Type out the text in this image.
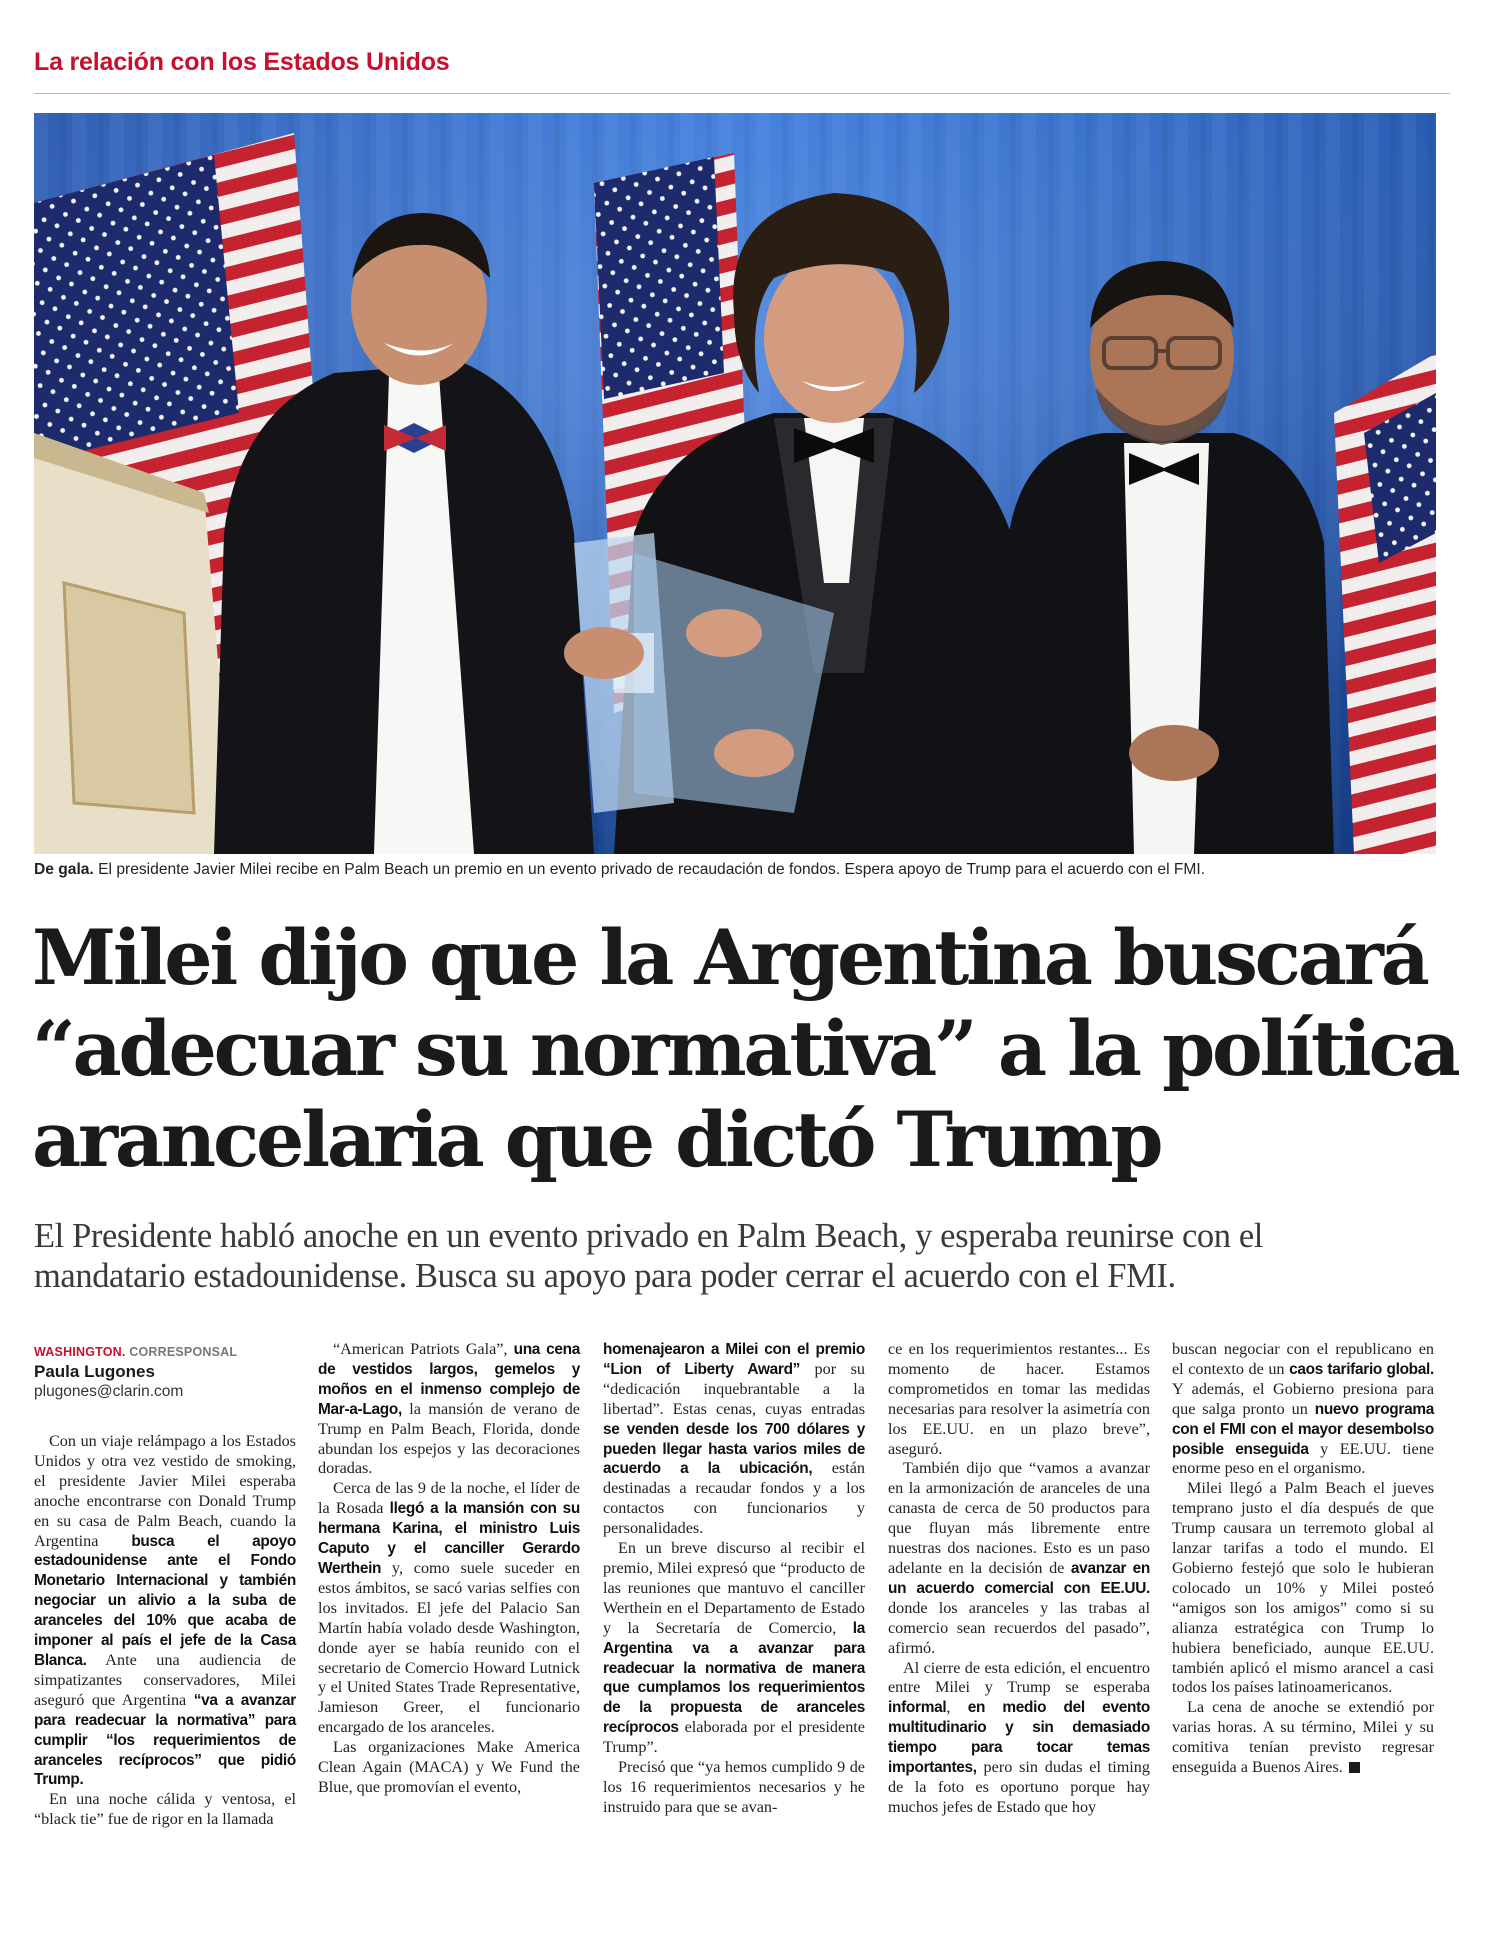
La relación con los Estados Unidos
De gala. El presidente Javier Milei recibe en Palm Beach un premio en un evento privado de recaudación de fondos. Espera apoyo de Trump para el acuerdo con el FMI.
Milei dijo que la Argentina buscará
“adecuar su normativa” a la política
arancelaria que dictó Trump

El Presidente habló anoche en un evento privado en Palm Beach, y esperaba reunirse con el
mandatario estadounidense. Busca su apoyo para poder cerrar el acuerdo con el FMI.

WASHINGTON. CORRESPONSAL
Paula Lugones
plugones@clarin.com

Con un viaje relámpago a los Estados Unidos y otra vez vestido de smoking, el presidente Javier Milei esperaba anoche encontrarse con Donald Trump en su casa de Palm Beach, cuando la Argentina busca el apoyo estadounidense ante el Fondo Monetario Internacional y también negociar un alivio a la suba de aranceles del 10% que acaba de imponer al país el jefe de la Casa Blanca. Ante una audiencia de simpatizantes conservadores, Milei aseguró que Argentina “va a avanzar para readecuar la normativa” para cumplir “los requerimientos de aranceles recíprocos” que pidió Trump.

En una noche cálida y ventosa, el “black tie” fue de rigor en la llamada

“American Patriots Gala”, una cena de vestidos largos, gemelos y moños en el inmenso complejo de Mar-a-Lago, la mansión de verano de Trump en Palm Beach, Florida, donde abundan los espejos y las decoraciones doradas.

Cerca de las 9 de la noche, el líder de la Rosada llegó a la mansión con su hermana Karina, el ministro Luis Caputo y el canciller Gerardo Werthein y, como suele suceder en estos ámbitos, se sacó varias selfies con los invitados. El jefe del Palacio San Martín había volado desde Washington, donde ayer se había reunido con el secretario de Comercio Howard Lutnick y el United States Trade Representative, Jamieson Greer, el funcionario encargado de los aranceles.

Las organizaciones Make America Clean Again (MACA) y We Fund the Blue, que promovían el evento,

homenajearon a Milei con el premio “Lion of Liberty Award” por su “dedicación inquebrantable a la libertad”. Estas cenas, cuyas entradas se venden desde los 700 dólares y pueden llegar hasta varios miles de acuerdo a la ubicación, están destinadas a recaudar fondos y a los contactos con funcionarios y personalidades.

En un breve discurso al recibir el premio, Milei expresó que “producto de las reuniones que mantuvo el canciller Werthein en el Departamento de Estado y la Secretaría de Comercio, la Argentina va a avanzar para readecuar la normativa de manera que cumplamos los requerimientos de la propuesta de aranceles recíprocos elaborada por el presidente Trump”.

Precisó que “ya hemos cumplido 9 de los 16 requerimientos necesarios y he instruido para que se avan-

ce en los requerimientos restantes... Es momento de hacer. Estamos comprometidos en tomar las medidas necesarias para resolver la asimetría con los EE.UU. en un plazo breve”, aseguró.

También dijo que “vamos a avanzar en la armonización de aranceles de una canasta de cerca de 50 productos para que fluyan más libremente entre nuestras dos naciones. Esto es un paso adelante en la decisión de avanzar en un acuerdo comercial con EE.UU. donde los aranceles y las trabas al comercio sean recuerdos del pasado”, afirmó.

Al cierre de esta edición, el encuentro entre Milei y Trump se esperaba informal, en medio del evento multitudinario y sin demasiado tiempo para tocar temas importantes, pero sin dudas el timing de la foto es oportuno porque hay muchos jefes de Estado que hoy

buscan negociar con el republicano en el contexto de un caos tarifario global. Y además, el Gobierno presiona para que salga pronto un nuevo programa con el FMI con el mayor desembolso posible enseguida y EE.UU. tiene enorme peso en el organismo.

Milei llegó a Palm Beach el jueves temprano justo el día después de que Trump causara un terremoto global al lanzar tarifas a todo el mundo. El Gobierno festejó que solo le hubieran colocado un 10% y Milei posteó “amigos son los amigos” como si su alianza estratégica con Trump lo hubiera beneficiado, aunque EE.UU. también aplicó el mismo arancel a casi todos los países latinoamericanos.

La cena de anoche se extendió por varias horas. A su término, Milei y su comitiva tenían previsto regresar enseguida a Buenos Aires.
